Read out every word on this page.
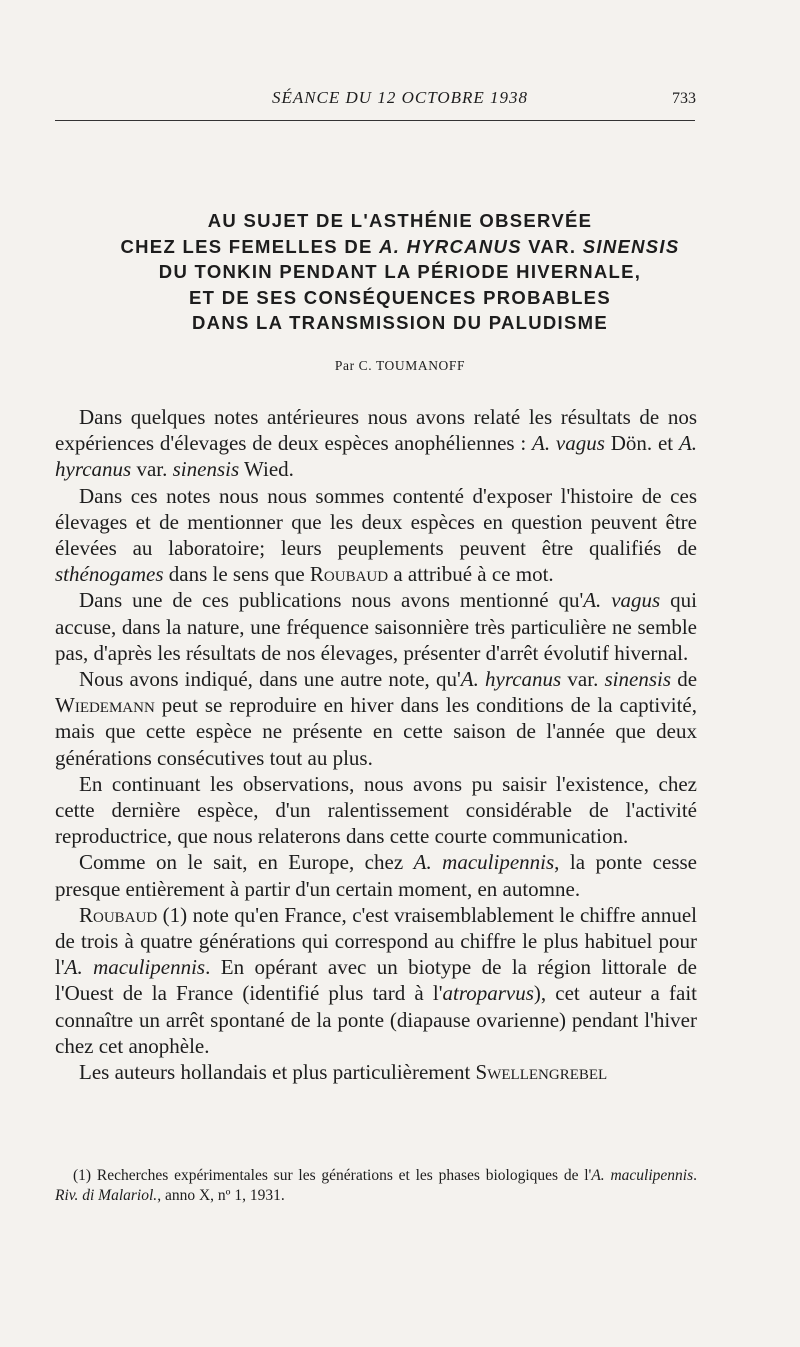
SÉANCE DU 12 OCTOBRE 1938	733
AU SUJET DE L'ASTHÉNIE OBSERVÉE
CHEZ LES FEMELLES DE A. HYRCANUS VAR. SINENSIS
DU TONKIN PENDANT LA PÉRIODE HIVERNALE,
ET DE SES CONSÉQUENCES PROBABLES
DANS LA TRANSMISSION DU PALUDISME
Par C. TOUMANOFF

Dans quelques notes antérieures nous avons relaté les résultats de nos expériences d'élevages de deux espèces anophéliennes : A. vagus Dön. et A. hyrcanus var. sinensis Wied.

Dans ces notes nous nous sommes contenté d'exposer l'histoire de ces élevages et de mentionner que les deux espèces en question peuvent être élevées au laboratoire; leurs peuplements peuvent être qualifiés de sthénogames dans le sens que Roubaud a attribué à ce mot.

Dans une de ces publications nous avons mentionné qu'A. vagus qui accuse, dans la nature, une fréquence saisonnière très particulière ne semble pas, d'après les résultats de nos élevages, présenter d'arrêt évolutif hivernal.

Nous avons indiqué, dans une autre note, qu'A. hyrcanus var. sinensis de Wiedemann peut se reproduire en hiver dans les conditions de la captivité, mais que cette espèce ne présente en cette saison de l'année que deux générations consécutives tout au plus.

En continuant les observations, nous avons pu saisir l'existence, chez cette dernière espèce, d'un ralentissement considérable de l'activité reproductrice, que nous relaterons dans cette courte communication.

Comme on le sait, en Europe, chez A. maculipennis, la ponte cesse presque entièrement à partir d'un certain moment, en automne.

Roubaud (1) note qu'en France, c'est vraisemblablement le chiffre annuel de trois à quatre générations qui correspond au chiffre le plus habituel pour l'A. maculipennis. En opérant avec un biotype de la région littorale de l'Ouest de la France (identifié plus tard à l'atroparvus), cet auteur a fait connaître un arrêt spontané de la ponte (diapause ovarienne) pendant l'hiver chez cet anophèle.

Les auteurs hollandais et plus particulièrement Swellengrebel

(1) Recherches expérimentales sur les générations et les phases biologiques de l'A. maculipennis. Riv. di Malariol., anno X, nº 1, 1931.
